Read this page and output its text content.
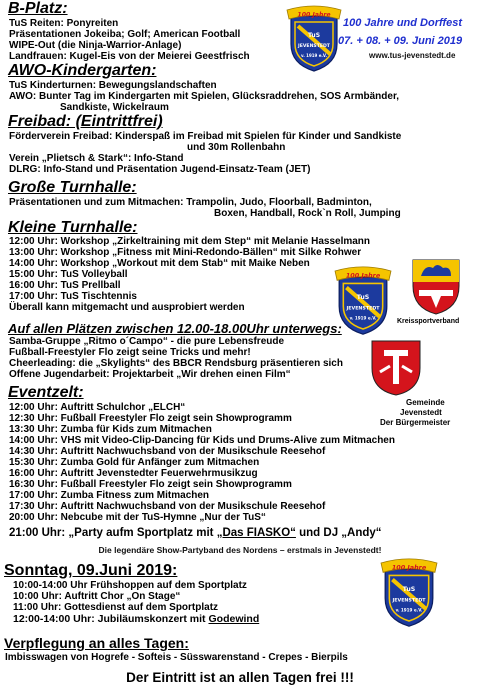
B-Platz:
TuS Reiten: Ponyreiten
Präsentationen Jokeiba; Golf; American Football
WIPE-Out (die Ninja-Warrior-Anlage)
Landfrauen: Kugel-Eis von der Meierei Geestfrisch
TuS
JEVENSTEDT
v. 1919 e.V.
100 Jahre
100 Jahre und Dorffest
07. + 08. + 09. Juni 2019
www.tus-jevenstedt.de
AWO-Kindergarten:
TuS Kinderturnen: Bewegungslandschaften
AWO: Bunter Tag im Kindergarten mit Spielen, Glücksraddrehen, SOS Armbänder,
Sandkiste, Wickelraum
Freibad: (Eintrittfrei)
Förderverein Freibad: Kinderspaß im Freibad mit Spielen für Kinder und Sandkiste
und 30m Rollenbahn
Verein „Plietsch & Stark“: Info-Stand
DLRG: Info-Stand und Präsentation Jugend-Einsatz-Team (JET)
Große Turnhalle:
Präsentationen und zum Mitmachen: Trampolin, Judo, Floorball, Badminton,
Boxen, Handball, Rock`n Roll, Jumping
Kleine Turnhalle:
12:00 Uhr: Workshop „Zirkeltraining mit dem Step“ mit Melanie Hasselmann
13:00 Uhr: Workshop „Fitness mit Mini-Redondo-Bällen“ mit Silke Rohwer
14:00 Uhr: Workshop „Workout mit dem Stab“ mit Maike Neben
15:00 Uhr: TuS Volleyball
16:00 Uhr: TuS Prellball
17:00 Uhr: TuS Tischtennis
Überall kann mitgemacht und ausprobiert werden
TuS
JEVENSTEDT
v. 1919 e.V.
100 Jahre
Kreissportverband
Auf allen Plätzen zwischen 12.00-18.00Uhr unterwegs:
Samba-Gruppe „Ritmo o´Campo“ - die pure Lebensfreude
Fußball-Freestyler Flo zeigt seine Tricks und mehr!
Cheerleading: die „Skylights“ des BBCR Rendsburg präsentieren sich
Offene Jugendarbeit: Projektarbeit „Wir drehen einen Film“
Gemeinde
Jevenstedt
Der Bürgermeister
Eventzelt:
12:00 Uhr: Auftritt Schulchor „ELCH“
12:30 Uhr: Fußball Freestyler Flo zeigt sein Showprogramm
13:30 Uhr: Zumba für Kids zum Mitmachen
14:00 Uhr: VHS mit Video-Clip-Dancing für Kids und Drums-Alive zum Mitmachen
14:30 Uhr: Auftritt Nachwuchsband von der Musikschule Reesehof
15:30 Uhr: Zumba Gold für Anfänger zum Mitmachen
16:00 Uhr: Auftritt Jevenstedter Feuerwehrmusikzug
16:30 Uhr: Fußball Freestyler Flo zeigt sein Showprogramm
17:00 Uhr: Zumba Fitness zum Mitmachen
17:30 Uhr: Auftritt Nachwuchsband von der Musikschule Reesehof
20:00 Uhr: Nebcube mit der TuS-Hymne „Nur der TuS“
21:00 Uhr: „Party aufm Sportplatz mit „Das FIASKO“ und DJ „Andy“
Die legendäre Show-Partyband des Nordens – erstmals in Jevenstedt!
Sonntag, 09.Juni 2019:
10:00-14:00 Uhr Frühshoppen auf dem Sportplatz
10:00 Uhr: Auftritt Chor „On Stage“
11:00 Uhr: Gottesdienst auf dem Sportplatz
12:00-14:00 Uhr: Jubiläumskonzert mit Godewind
TuS
JEVENSTEDT
v. 1919 e.V.
100 Jahre
Verpflegung an alles Tagen:
Imbisswagen von Hogrefe - Softeis - Süsswarenstand - Crepes - Bierpils
Der Eintritt ist an allen Tagen frei !!!
